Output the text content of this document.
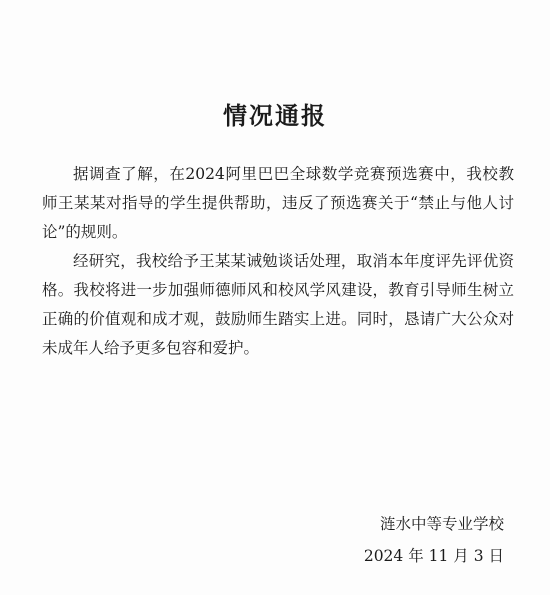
情况通报

据调查了解，在2024阿里巴巴全球数学竞赛预选赛中，我校教师王某某对指导的学生提供帮助，违反了预选赛关于“禁止与他人讨论”的规则。

经研究，我校给予王某某诫勉谈话处理，取消本年度评先评优资格。我校将进一步加强师德师风和校风学风建设，教育引导师生树立正确的价值观和成才观，鼓励师生踏实上进。同时，恳请广大公众对未成年人给予更多包容和爱护。

涟水中等专业学校
2024 年 11 月 3 日
